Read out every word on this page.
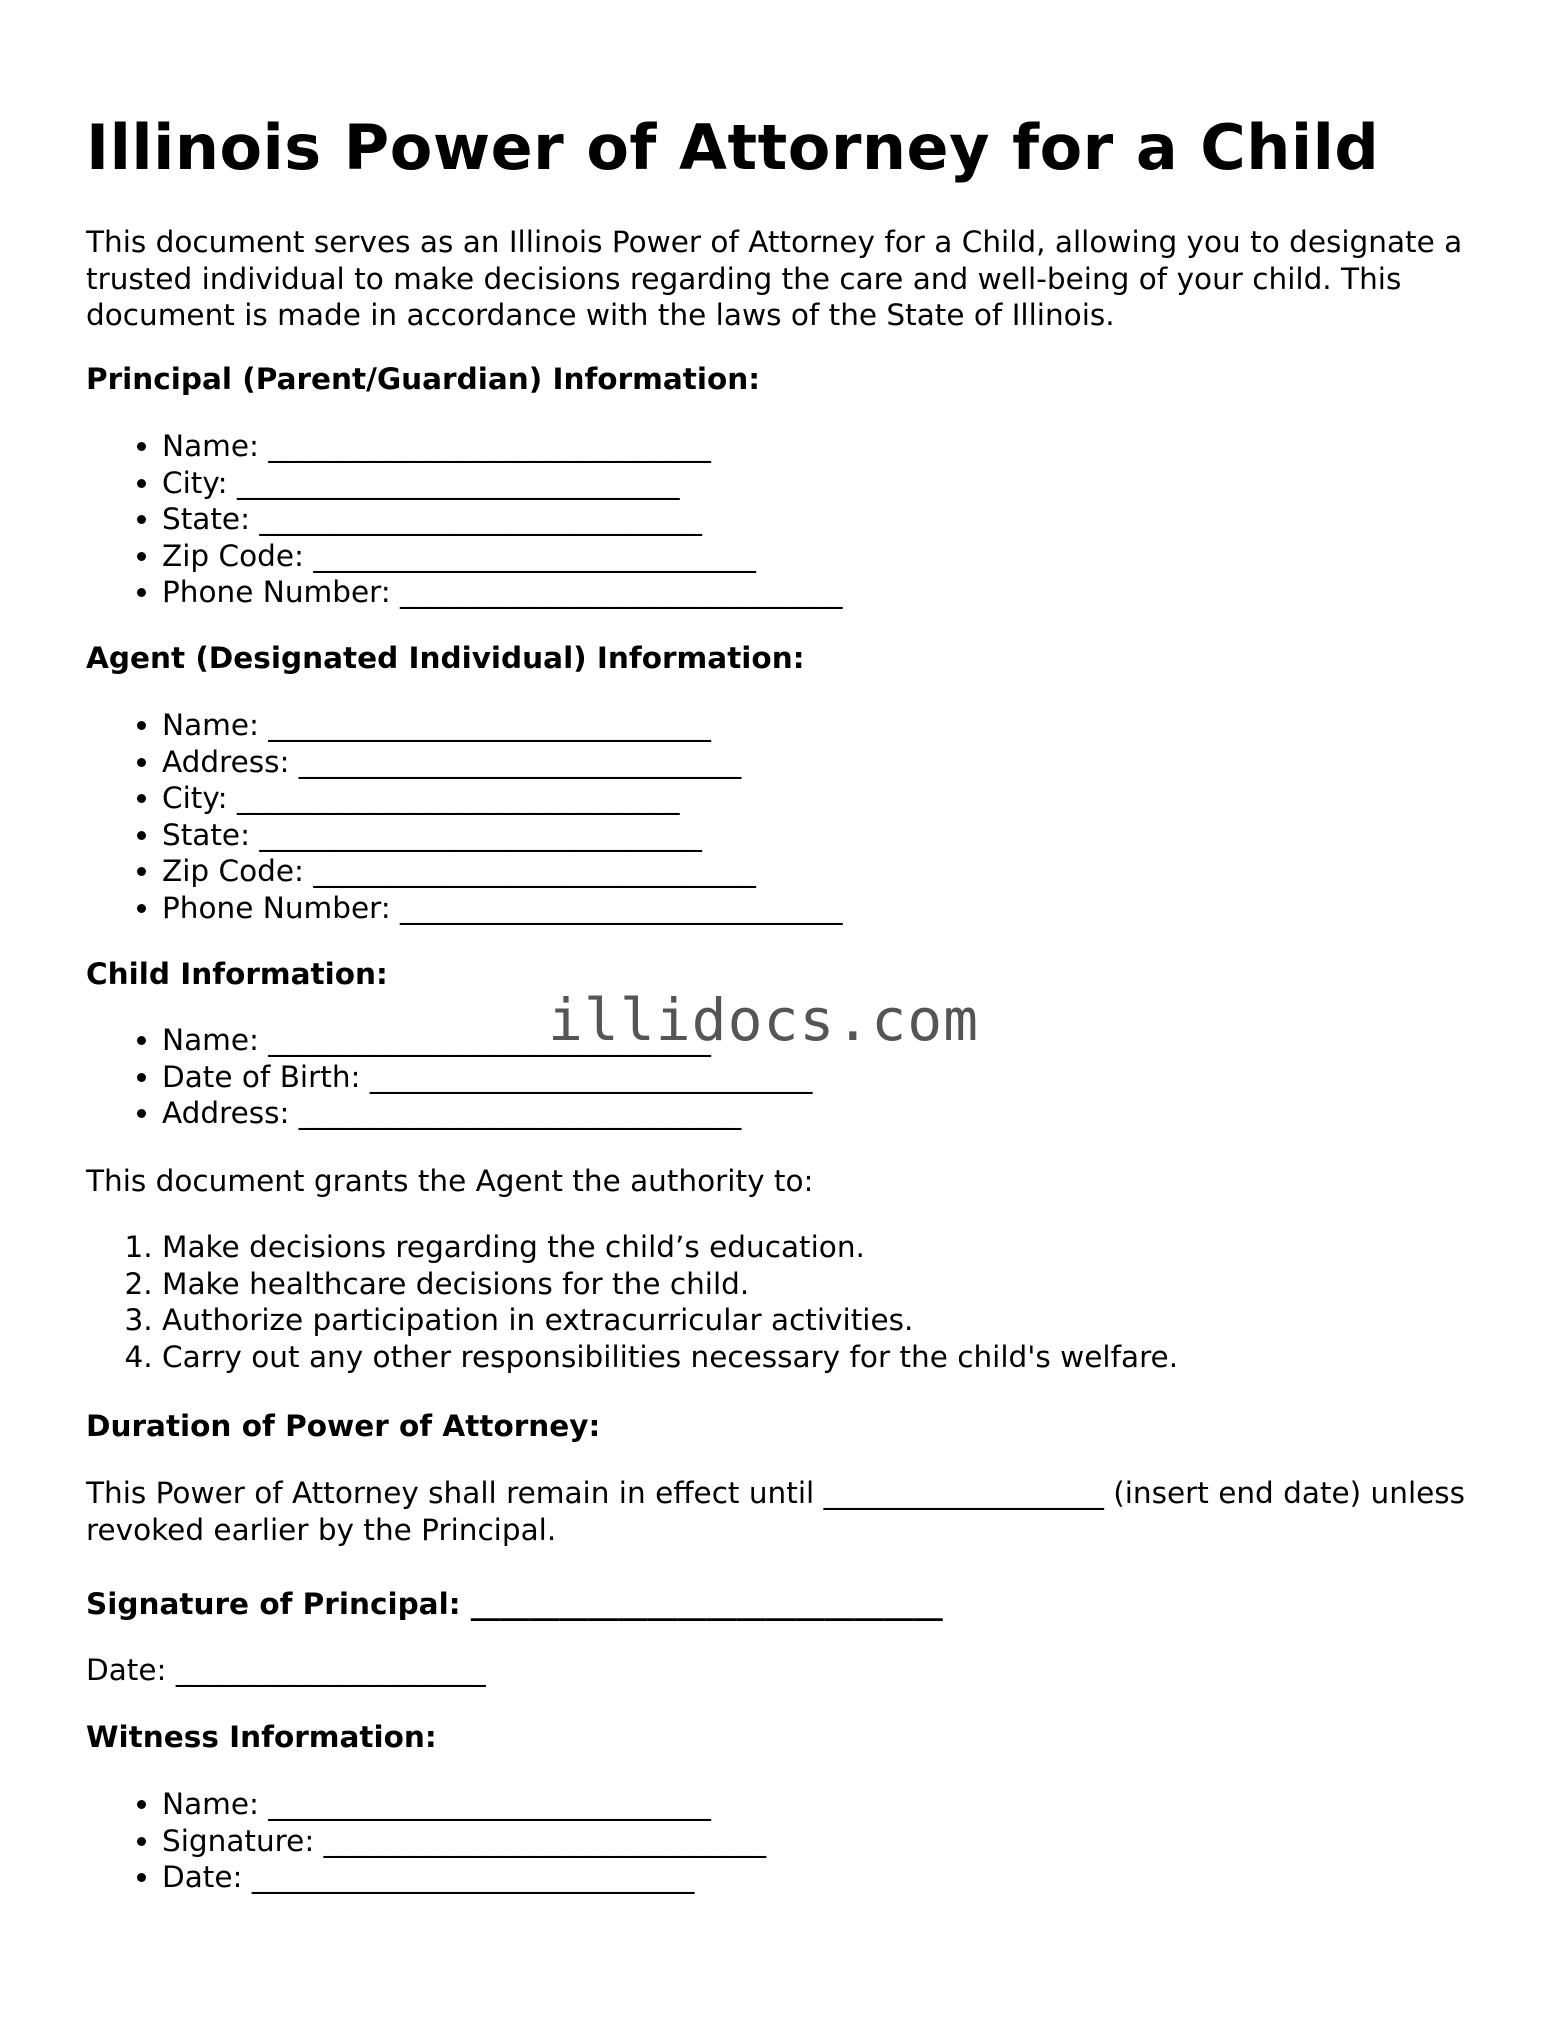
Illinois Power of Attorney for a Child
This document serves as an Illinois Power of Attorney for a Child, allowing you to designate a trusted individual to make decisions regarding the care and well-being of your child. This document is made in accordance with the laws of the State of Illinois.
Principal (Parent/Guardian) Information:
• Name: ______________________________
• City: ______________________________
• State: ______________________________
• Zip Code: ______________________________
• Phone Number: ______________________________
Agent (Designated Individual) Information:
• Name: ______________________________
• Address: ______________________________
• City: ______________________________
• State: ______________________________
• Zip Code: ______________________________
• Phone Number: ______________________________
Child Information:
• Name: ______________________________
• Date of Birth: ______________________________
• Address: ______________________________
This document grants the Agent the authority to:
1. Make decisions regarding the child’s education.
2. Make healthcare decisions for the child.
3. Authorize participation in extracurricular activities.
4. Carry out any other responsibilities necessary for the child's welfare.
Duration of Power of Attorney:
This Power of Attorney shall remain in effect until ___________________ (insert end date) unless revoked earlier by the Principal.
Signature of Principal: ________________________________
Date: _____________________
Witness Information:
• Name: ______________________________
• Signature: ______________________________
• Date: ______________________________
illidocs.com
